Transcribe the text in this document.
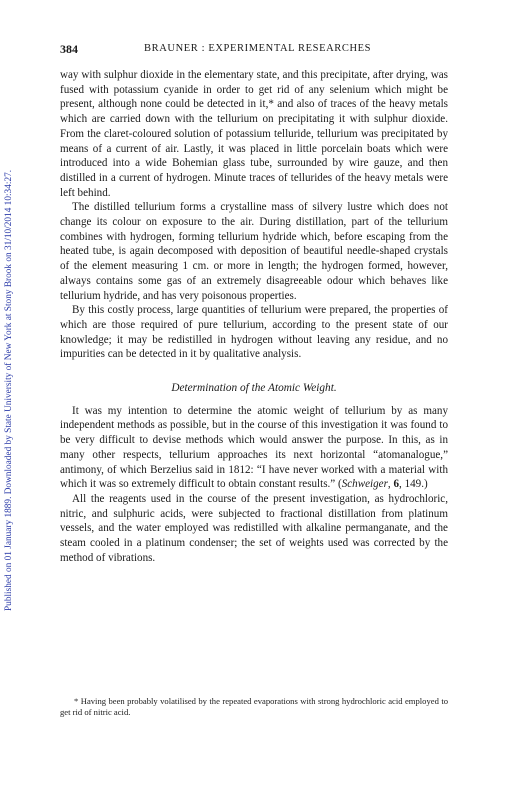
Published on 01 January 1889. Downloaded by State University of New York at Stony Brook on 31/10/2014 10:34:27.
384	BRAUNER : EXPERIMENTAL RESEARCHES

way with sulphur dioxide in the elementary state, and this precipitate, after drying, was fused with potassium cyanide in order to get rid of any selenium which might be present, although none could be detected in it,* and also of traces of the heavy metals which are carried down with the tellurium on precipitating it with sulphur dioxide. From the claret-coloured solution of potassium telluride, tellurium was precipitated by means of a current of air. Lastly, it was placed in little porcelain boats which were introduced into a wide Bohemian glass tube, surrounded by wire gauze, and then distilled in a current of hydrogen. Minute traces of tellurides of the heavy metals were left behind.

The distilled tellurium forms a crystalline mass of silvery lustre which does not change its colour on exposure to the air. During distillation, part of the tellurium combines with hydrogen, forming tellurium hydride which, before escaping from the heated tube, is again decomposed with deposition of beautiful needle-shaped crystals of the element measuring 1 cm. or more in length; the hydrogen formed, however, always contains some gas of an extremely disagreeable odour which behaves like tellurium hydride, and has very poisonous properties.

By this costly process, large quantities of tellurium were prepared, the properties of which are those required of pure tellurium, according to the present state of our knowledge; it may be redistilled in hydrogen without leaving any residue, and no impurities can be detected in it by qualitative analysis.

Determination of the Atomic Weight.

It was my intention to determine the atomic weight of tellurium by as many independent methods as possible, but in the course of this investigation it was found to be very difficult to devise methods which would answer the purpose. In this, as in many other respects, tellurium approaches its next horizontal “atomanalogue,” antimony, of which Berzelius said in 1812: “I have never worked with a material with which it was so extremely difficult to obtain constant results.” (Schweiger, 6, 149.)

All the reagents used in the course of the present investigation, as hydrochloric, nitric, and sulphuric acids, were subjected to fractional distillation from platinum vessels, and the water employed was redistilled with alkaline permanganate, and the steam cooled in a platinum condenser; the set of weights used was corrected by the method of vibrations.

* Having been probably volatilised by the repeated evaporations with strong hydrochloric acid employed to get rid of nitric acid.
